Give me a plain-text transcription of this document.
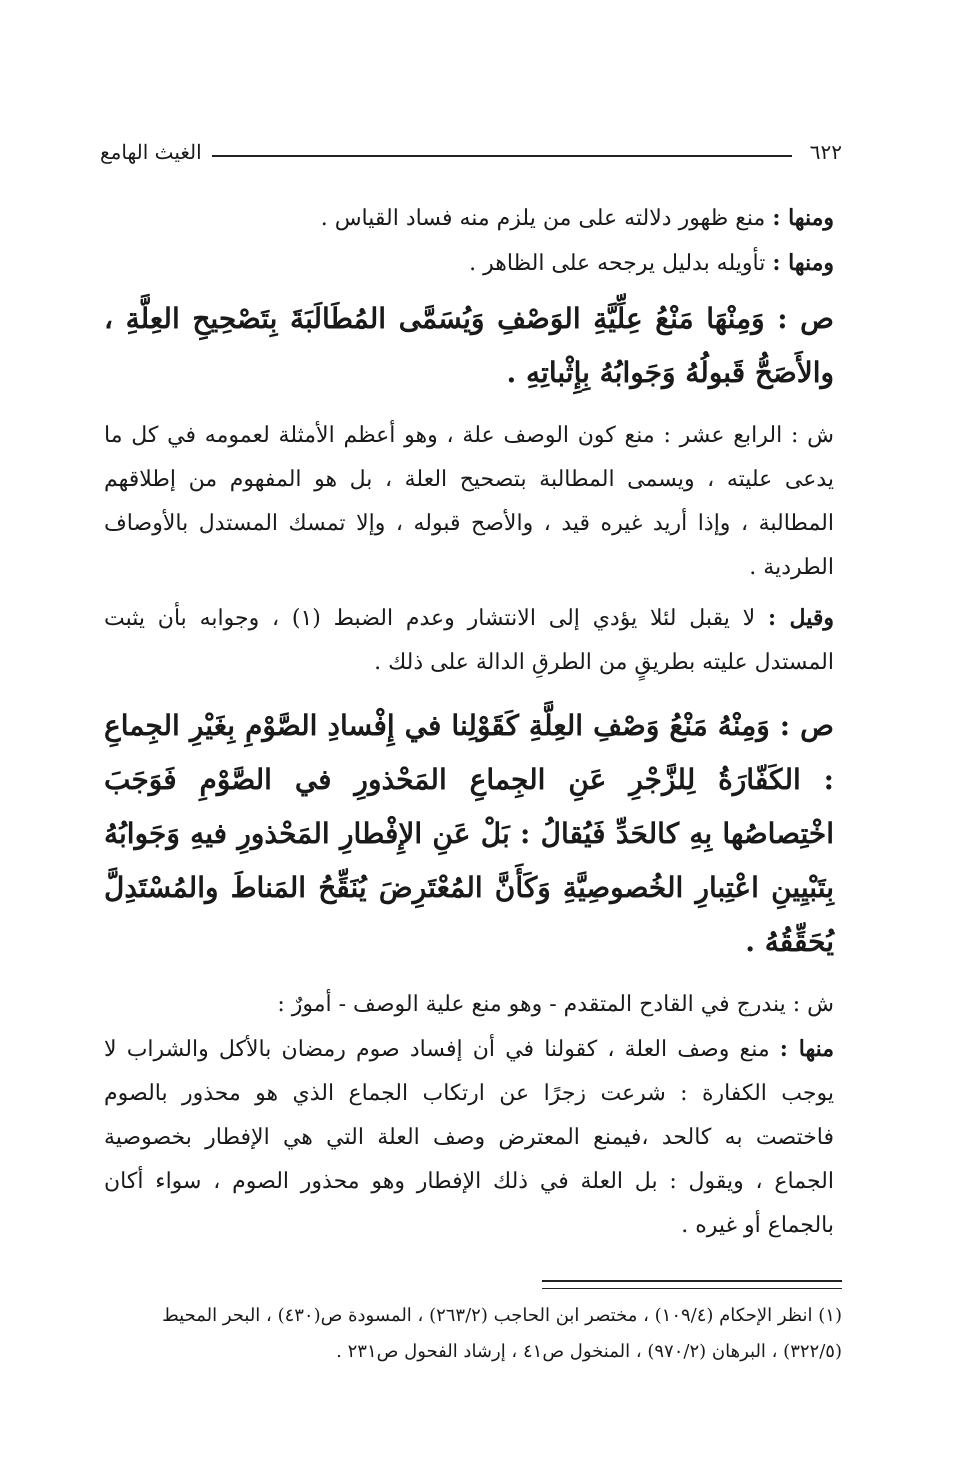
٦٢٢
الغيث الهامع

ومنها : منع ظهور دلالته على من يلزم منه فساد القياس .

ومنها : تأويله بدليل يرجحه على الظاهر .

ص : وَمِنْهَا مَنْعُ عِلِّيَّةِ الوَصْفِ وَيُسَمَّى المُطَالَبَةَ بِتَصْحِيحِ العِلَّةِ ، والأَصَحُّ قَبولُهُ وَجَوابُهُ بِإِثْباتِهِ .

ش : الرابع عشر : منع كون الوصف علة ، وهو أعظم الأمثلة لعمومه في كل ما يدعى عليته ، ويسمى المطالبة بتصحيح العلة ، بل هو المفهوم من إطلاقهم المطالبة ، وإذا أريد غيره قيد ، والأصح قبوله ، وإلا تمسك المستدل بالأوصاف الطردية .

وقيل : لا يقبل لئلا يؤدي إلى الانتشار وعدم الضبط (١) ، وجوابه بأن يثبت المستدل عليته بطريقٍ من الطرقِ الدالة على ذلك .

ص : وَمِنْهُ مَنْعُ وَصْفِ العِلَّةِ كَقَوْلِنا في إِفْسادِ الصَّوْمِ بِغَيْرِ الجِماعِ : الكَفّارَةُ لِلزَّجْرِ عَنِ الجِماعِ المَحْذورِ في الصَّوْمِ فَوَجَبَ اخْتِصاصُها بِهِ كالحَدِّ فَيُقالُ : بَلْ عَنِ الإِفْطارِ المَحْذورِ فيهِ وَجَوابُهُ بِتَبْيِينِ اعْتِبارِ الخُصوصِيَّةِ وَكَأَنَّ المُعْتَرِضَ يُنَقِّحُ المَناطَ والمُسْتَدِلَّ يُحَقِّقُهُ .

ش : يندرج في القادح المتقدم - وهو منع علية الوصف - أمورٌ :

منها : منع وصف العلة ، كقولنا في أن إفساد صوم رمضان بالأكل والشراب لا يوجب الكفارة : شرعت زجرًا عن ارتكاب الجماع الذي هو محذور بالصوم فاختصت به كالحد ،فيمنع المعترض وصف العلة التي هي الإفطار بخصوصية الجماع ، ويقول : بل العلة في ذلك الإفطار وهو محذور الصوم ، سواء أكان بالجماع أو غيره .

(١) انظر الإحكام (١٠٩/٤) ، مختصر ابن الحاجب (٢٦٣/٢) ، المسودة ص(٤٣٠) ، البحر المحيط
(٣٢٢/٥) ، البرهان (٩٧٠/٢) ، المنخول ص٤١ ، إرشاد الفحول ص٢٣١ .
